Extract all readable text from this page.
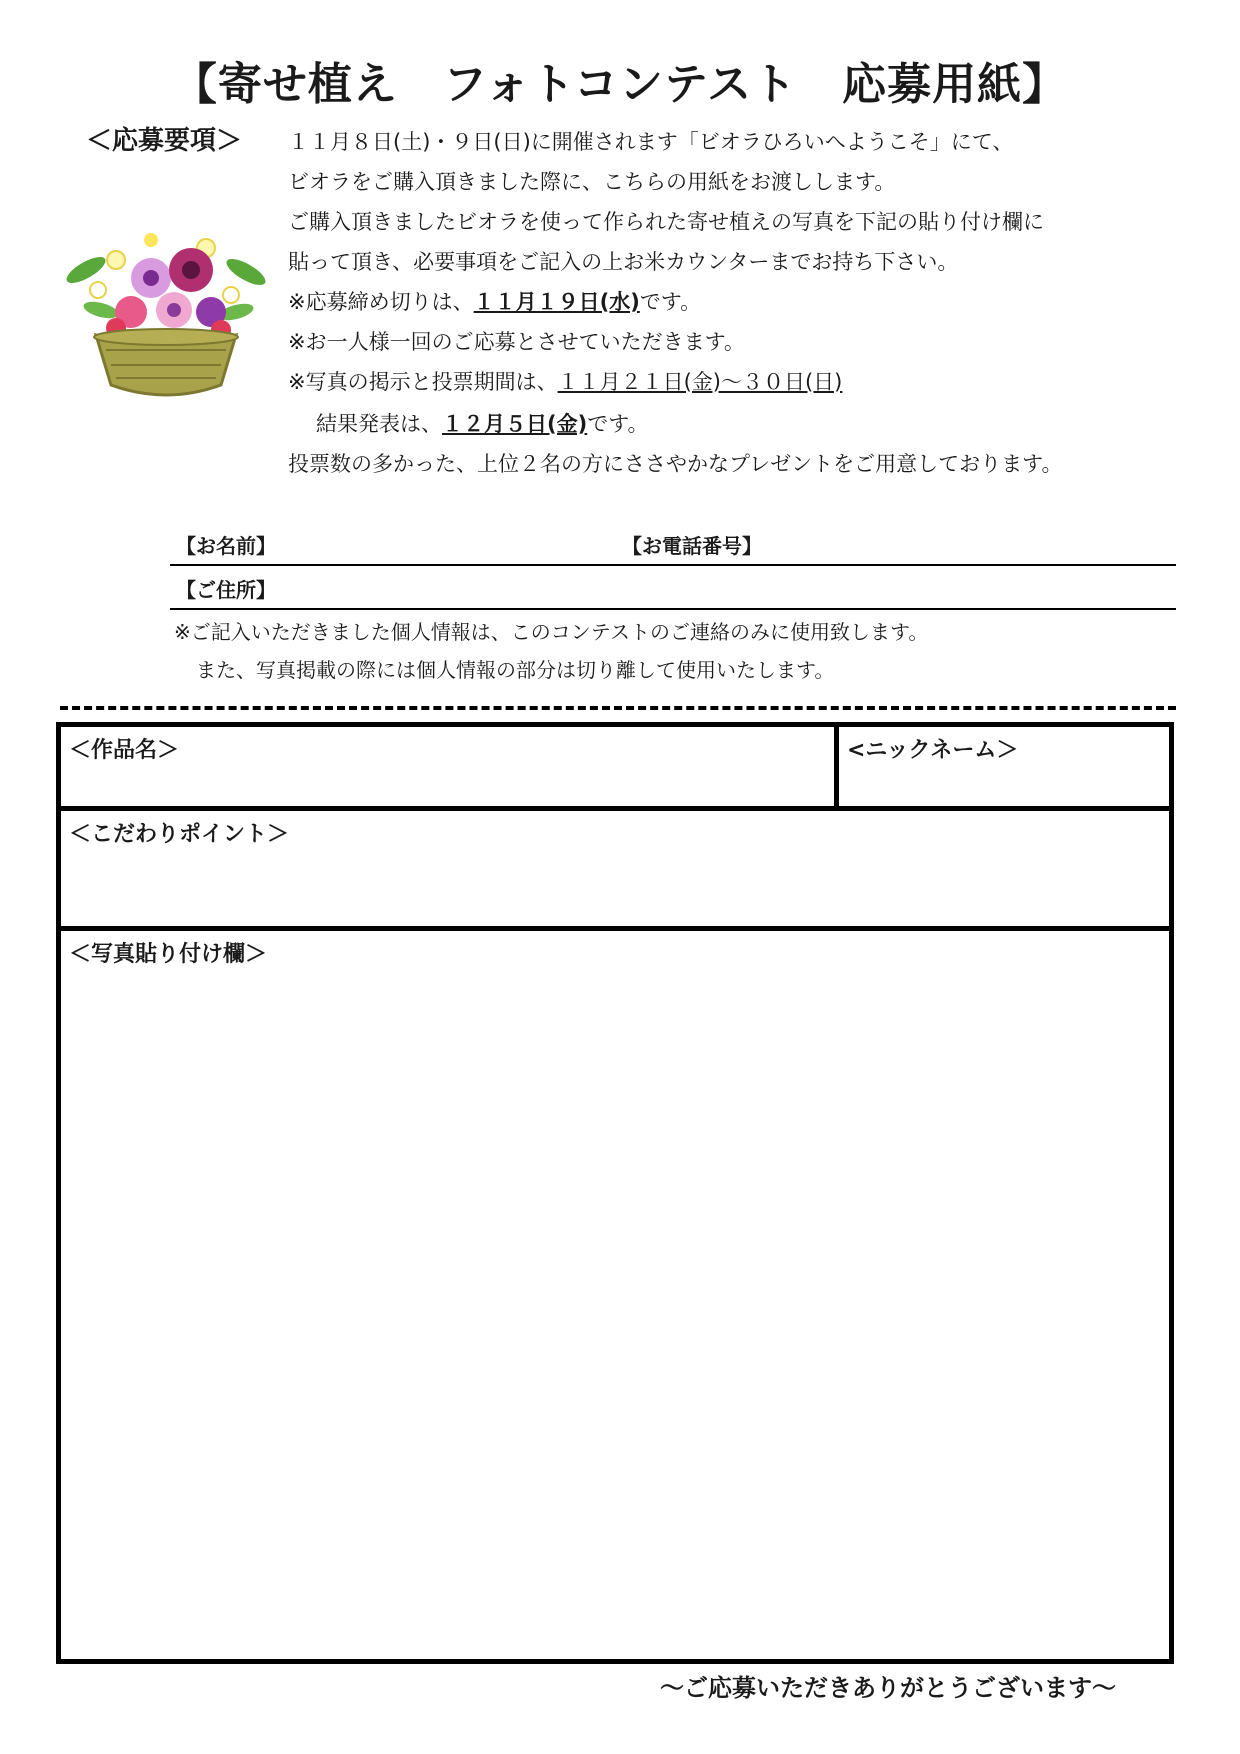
【寄せ植え　フォトコンテスト　応募用紙】
＜応募要項＞ １１月８日(土)・９日(日)に開催されます「ビオラひろいへようこそ」にて、
ビオラをご購入頂きました際に、こちらの用紙をお渡しします。
ご購入頂きましたビオラを使って作られた寄せ植えの写真を下記の貼り付け欄に
貼って頂き、必要事項をご記入の上お米カウンターまでお持ち下さい。
※応募締め切りは、１１月１９日(水)です。
※お一人様一回のご応募とさせていただきます。
※写真の掲示と投票期間は、１１月２１日(金)〜３０日(日)
結果発表は、１２月５日(金)です。
投票数の多かった、上位２名の方にささやかなプレゼントをご用意しております。
【お名前】	【お電話番号】
【ご住所】
※ご記入いただきました個人情報は、このコンテストのご連絡のみに使用致します。
また、写真掲載の際には個人情報の部分は切り離して使用いたします。
＜作品名＞	<ニックネーム＞
＜こだわりポイント＞
＜写真貼り付け欄＞
〜ご応募いただきありがとうございます〜
